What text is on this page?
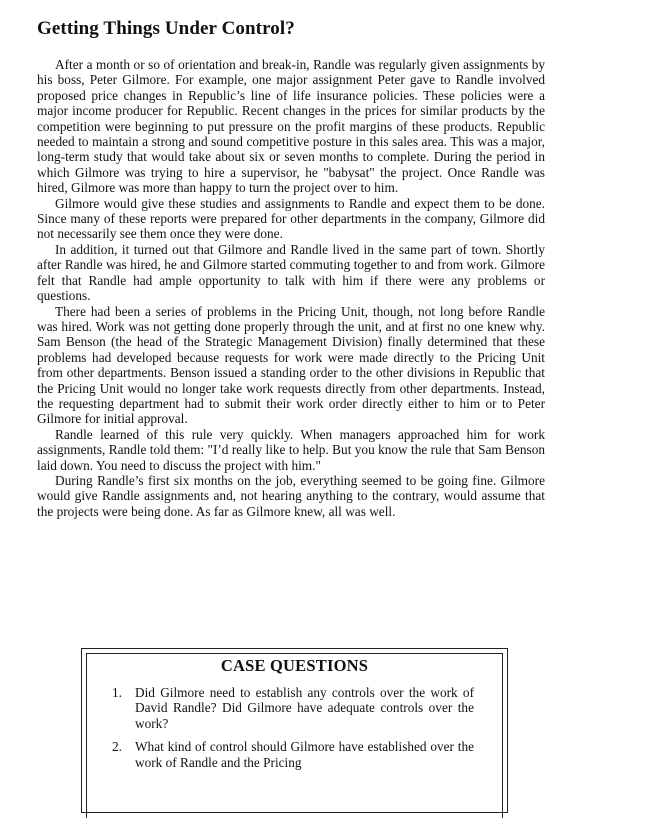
Getting Things Under Control?

After a month or so of orientation and break-in, Randle was regularly given assignments by his boss, Peter Gilmore. For example, one major assignment Peter gave to Randle involved proposed price changes in Republic’s line of life insurance policies. These policies were a major income producer for Republic. Recent changes in the prices for similar products by the competition were beginning to put pressure on the profit margins of these products. Republic needed to maintain a strong and sound competitive posture in this sales area. This was a major, long-term study that would take about six or seven months to complete. During the period in which Gilmore was trying to hire a supervisor, he "babysat" the project. Once Randle was hired, Gilmore was more than happy to turn the project over to him.

Gilmore would give these studies and assignments to Randle and expect them to be done. Since many of these reports were prepared for other departments in the company, Gilmore did not necessarily see them once they were done.

In addition, it turned out that Gilmore and Randle lived in the same part of town. Shortly after Randle was hired, he and Gilmore started commuting together to and from work. Gilmore felt that Randle had ample opportunity to talk with him if there were any problems or questions.

There had been a series of problems in the Pricing Unit, though, not long before Randle was hired. Work was not getting done properly through the unit, and at first no one knew why. Sam Benson (the head of the Strategic Management Division) finally determined that these problems had developed because requests for work were made directly to the Pricing Unit from other departments. Benson issued a standing order to the other divisions in Republic that the Pricing Unit would no longer take work requests directly from other departments. Instead, the requesting department had to submit their work order directly either to him or to Peter Gilmore for initial approval.

Randle learned of this rule very quickly. When managers approached him for work assignments, Randle told them: "I’d really like to help. But you know the rule that Sam Benson laid down. You need to discuss the project with him."

During Randle’s first six months on the job, everything seemed to be going fine. Gilmore would give Randle assignments and, not hearing anything to the contrary, would assume that the projects were being done. As far as Gilmore knew, all was well.

CASE QUESTIONS
1. Did Gilmore need to establish any controls over the work of David Randle? Did Gilmore have adequate controls over the work?
2. What kind of control should Gilmore have established over the work of Randle and the Pricing
